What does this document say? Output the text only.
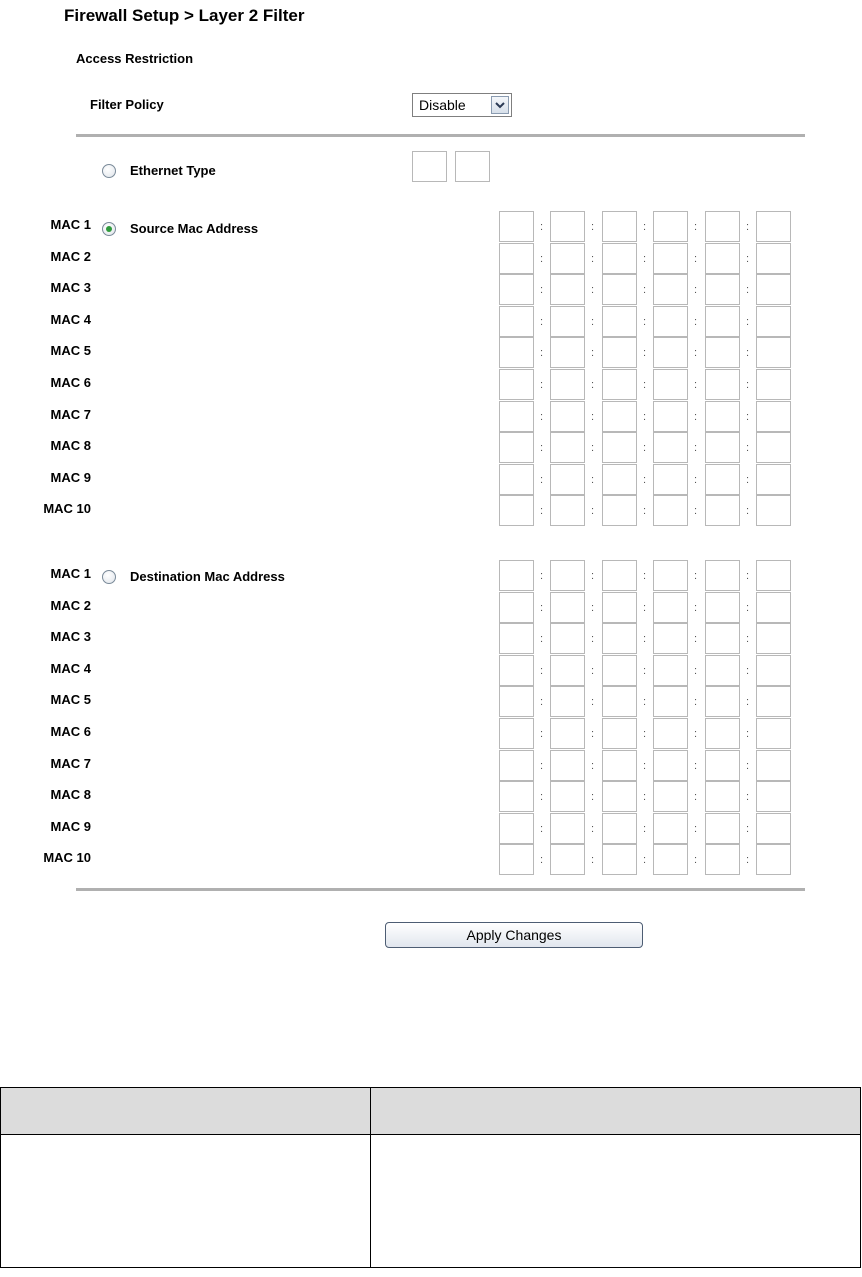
Firewall Setup > Layer 2 Filter
Access Restriction
Filter Policy	Disable
Ethernet Type
Source Mac Address
MAC 1	:	:	:	:	:
MAC 2	:	:	:	:	:
MAC 3	:	:	:	:	:
MAC 4	:	:	:	:	:
MAC 5	:	:	:	:	:
MAC 6	:	:	:	:	:
MAC 7	:	:	:	:	:
MAC 8	:	:	:	:	:
MAC 9	:	:	:	:	:
MAC 10	:	:	:	:	:
Destination Mac Address
MAC 1	:	:	:	:	:
MAC 2	:	:	:	:	:
MAC 3	:	:	:	:	:
MAC 4	:	:	:	:	:
MAC 5	:	:	:	:	:
MAC 6	:	:	:	:	:
MAC 7	:	:	:	:	:
MAC 8	:	:	:	:	:
MAC 9	:	:	:	:	:
MAC 10	:	:	:	:	:
Apply Changes
